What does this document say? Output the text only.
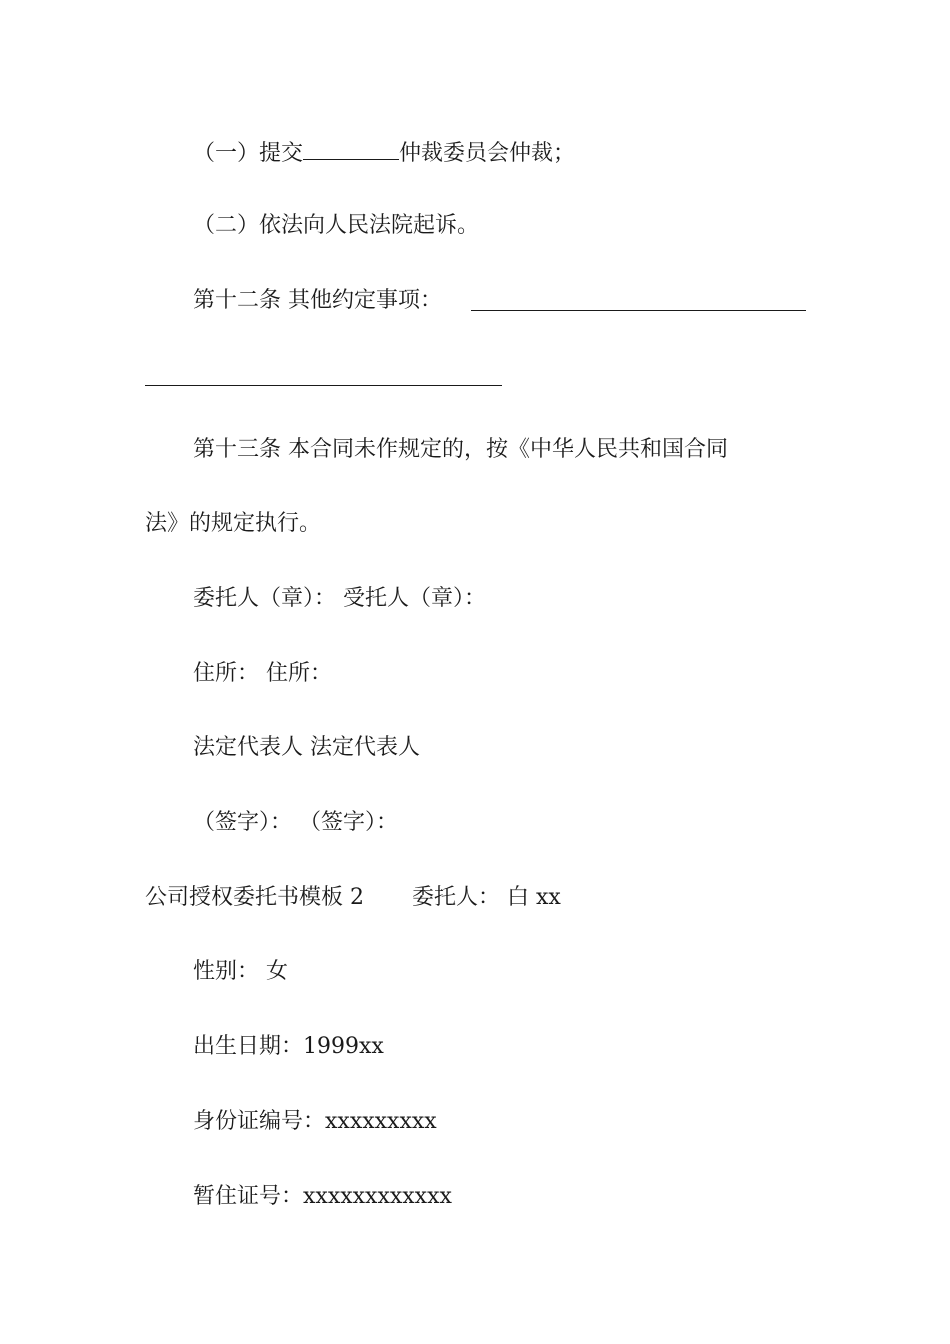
（一）提交	仲裁委员会仲裁；
（二）依法向人民法院起诉。
第十二条 其他约定事项：
第十三条 本合同未作规定的，按《中华人民共和国合同
法》的规定执行。
委托人（章）： 受托人（章）：
住所： 住所：
法定代表人 法定代表人
（签字）： （签字）：
公司授权委托书模板 2 委托人： 白 xx
性别： 女
出生日期：1999xx
身份证编号：xxxxxxxxx
暂住证号：xxxxxxxxxxxx
